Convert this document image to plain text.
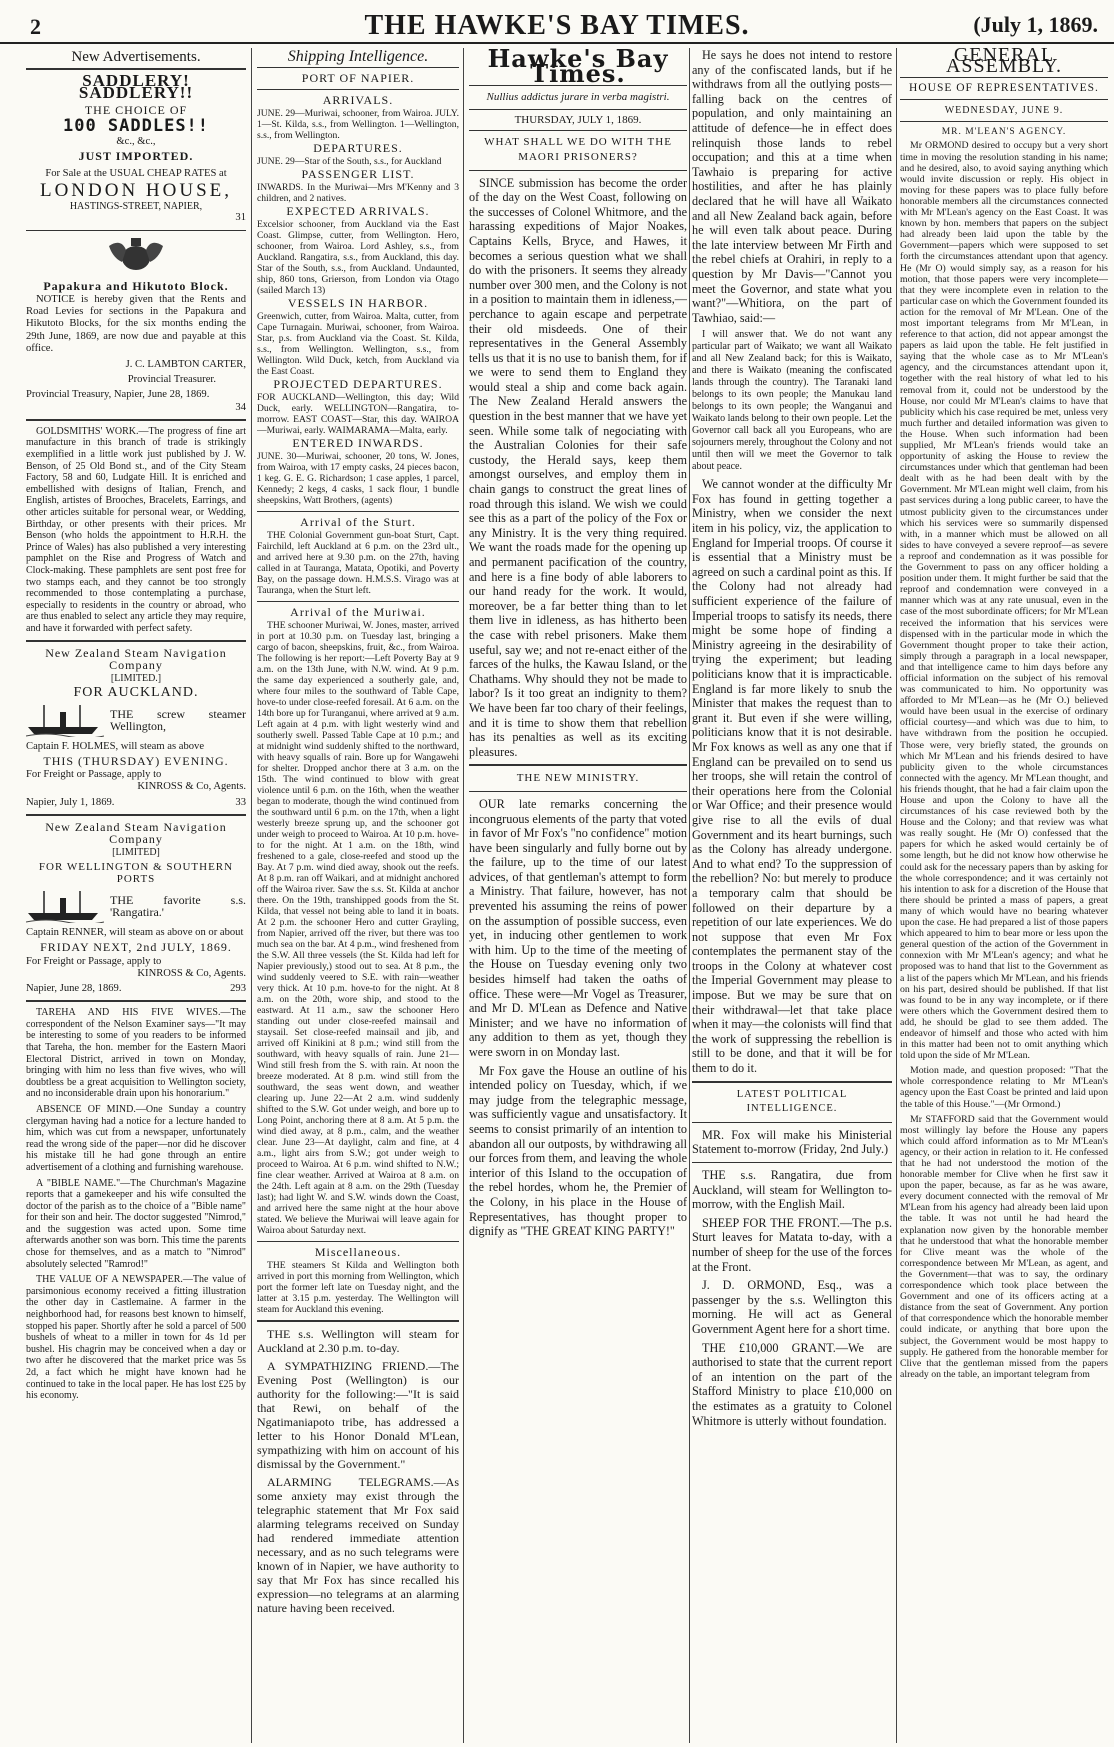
2	THE HAWKE'S BAY TIMES.	(July 1, 1869.
New Advertisements.
SADDLERY! SADDLERY!!
THE CHOICE OF
100 SADDLES!!
&c., &c.,
JUST IMPORTED.
For Sale at the USUAL CHEAP RATES at
LONDON HOUSE,
HASTINGS-STREET, NAPIER,
31
Papakura and Hikutoto Block.

NOTICE is hereby given that the Rents and Road Levies for sections in the Papakura and Hikutoto Blocks, for the six months ending the 29th June, 1869, are now due and payable at this office.

J. C. LAMBTON CARTER,
Provincial Treasurer.
Provincial Treasury, Napier, June 28, 1869.
34

GOLDSMITHS' WORK.—The progress of fine art manufacture in this branch of trade is strikingly exemplified in a little work just published by J. W. Benson, of 25 Old Bond st., and of the City Steam Factory, 58 and 60, Ludgate Hill. It is enriched and embellished with designs of Italian, French, and English, artistes of Brooches, Bracelets, Earrings, and other articles suitable for personal wear, or Wedding, Birthday, or other presents with their prices. Mr Benson (who holds the appointment to H.R.H. the Prince of Wales) has also published a very interesting pamphlet on the Rise and Progress of Watch and Clock-making. These pamphlets are sent post free for two stamps each, and they cannot be too strongly recommended to those contemplating a purchase, especially to residents in the country or abroad, who are thus enabled to select any article they may require, and have it forwarded with perfect safety.

New Zealand Steam Navigation Company
[LIMITED.]
FOR AUCKLAND.
THE screw steamer Wellington,
Captain F. HOLMES, will steam as above
THIS (THURSDAY) EVENING.
For Freight or Passage, apply to
KINROSS & Co, Agents.
Napier, July 1, 1869.	33
New Zealand Steam Navigation Company
[LIMITED]
FOR WELLINGTON & SOUTHERN PORTS
THE favorite s.s. 'Rangatira.'
Captain RENNER, will steam as above on or about
FRIDAY NEXT, 2nd JULY, 1869.
For Freight or Passage, apply to
KINROSS & Co, Agents.
Napier, June 28, 1869.	293

TAREHA AND HIS FIVE WIVES.—The correspondent of the Nelson Examiner says—"It may be interesting to some of you readers to be informed that Tareha, the hon. member for the Eastern Maori Electoral District, arrived in town on Monday, bringing with him no less than five wives, who will doubtless be a great acquisition to Wellington society, and no inconsiderable drain upon his honorarium."

ABSENCE OF MIND.—One Sunday a country clergyman having had a notice for a lecture handed to him, which was cut from a newspaper, unfortunately read the wrong side of the paper—nor did he discover his mistake till he had gone through an entire advertisement of a clothing and furnishing warehouse.

A "BIBLE NAME."—The Churchman's Magazine reports that a gamekeeper and his wife consulted the doctor of the parish as to the choice of a "Bible name" for their son and heir. The doctor suggested "Nimrod," and the suggestion was acted upon. Some time afterwards another son was born. This time the parents chose for themselves, and as a match to "Nimrod" absolutely selected "Ramrod!"

THE VALUE OF A NEWSPAPER.—The value of parsimonious economy received a fitting illustration the other day in Castlemaine. A farmer in the neighborhood had, for reasons best known to himself, stopped his paper. Shortly after he sold a parcel of 500 bushels of wheat to a miller in town for 4s 1d per bushel. His chagrin may be conceived when a day or two after he discovered that the market price was 5s 2d, a fact which he might have known had he continued to take in the local paper. He has lost £25 by his economy.

Shipping Intelligence.
PORT OF NAPIER.
ARRIVALS.
JUNE. 29—Muriwai, schooner, from Wairoa. JULY. 1—St. Kilda, s.s., from Wellington. 1—Wellington, s.s., from Wellington.
DEPARTURES.
JUNE. 29—Star of the South, s.s., for Auckland
PASSENGER LIST.
INWARDS. In the Muriwai—Mrs M'Kenny and 3 children, and 2 natives.
EXPECTED ARRIVALS.
Excelsior schooner, from Auckland via the East Coast. Glimpse, cutter, from Wellington. Hero, schooner, from Wairoa. Lord Ashley, s.s., from Auckland. Rangatira, s.s., from Auckland, this day. Star of the South, s.s., from Auckland. Undaunted, ship, 860 tons, Grierson, from London via Otago (sailed March 13)
VESSELS IN HARBOR.
Greenwich, cutter, from Wairoa. Malta, cutter, from Cape Turnagain. Muriwai, schooner, from Wairoa. Star, p.s. from Auckland via the Coast. St. Kilda, s.s., from Wellington. Wellington, s.s., from Wellington. Wild Duck, ketch, from Auckland via the East Coast.
PROJECTED DEPARTURES.
FOR AUCKLAND—Wellington, this day; Wild Duck, early. WELLINGTON—Rangatira, to-morrow. EAST COAST—Star, this day. WAIROA—Muriwai, early. WAIMARAMA—Malta, early.
ENTERED INWARDS.
JUNE. 30—Muriwai, schooner, 20 tons, W. Jones, from Wairoa, with 17 empty casks, 24 pieces bacon, 1 keg. G. E. G. Richardson; 1 case apples, 1 parcel, Kennedy; 2 kegs, 4 casks, 1 sack flour, 1 bundle sheepskins, Watt Brothers, (agents)
Arrival of the Sturt.

THE Colonial Government gun-boat Sturt, Capt. Fairchild, left Auckland at 6 p.m. on the 23rd ult., and arrived here at 9.30 p.m. on the 27th, having called in at Tauranga, Matata, Opotiki, and Poverty Bay, on the passage down. H.M.S.S. Virago was at Tauranga, when the Sturt left.

Arrival of the Muriwai.

THE schooner Muriwai, W. Jones, master, arrived in port at 10.30 p.m. on Tuesday last, bringing a cargo of bacon, sheepskins, fruit, &c., from Wairoa. The following is her report:—Left Poverty Bay at 9 a.m. on the 13th June, with N.W. wind. At 9 p.m. the same day experienced a southerly gale, and, where four miles to the southward of Table Cape, hove-to under close-reefed foresail. At 6 a.m. on the 14th bore up for Turanganui, where arrived at 9 a.m. Left again at 4 p.m. with light westerly wind and southerly swell. Passed Table Cape at 10 p.m.; and at midnight wind suddenly shifted to the northward, with heavy squalls of rain. Bore up for Wangawehi for shelter. Dropped anchor there at 3 a.m. on the 15th. The wind continued to blow with great violence until 6 p.m. on the 16th, when the weather began to moderate, though the wind continued from the southward until 6 p.m. on the 17th, when a light westerly breeze sprung up, and the schooner got under weigh to proceed to Wairoa. At 10 p.m. hove-to for the night. At 1 a.m. on the 18th, wind freshened to a gale, close-reefed and stood up the Bay. At 7 p.m. wind died away, shook out the reefs. At 8 p.m. ran off Waikari, and at midnight anchored off the Wairoa river. Saw the s.s. St. Kilda at anchor there. On the 19th, transhipped goods from the St. Kilda, that vessel not being able to land it in boats. At 2 p.m. the schooner Hero and cutter Grayling, from Napier, arrived off the river, but there was too much sea on the bar. At 4 p.m., wind freshened from the S.W. All three vessels (the St. Kilda had left for Napier previously,) stood out to sea. At 8 p.m., the wind suddenly veered to S.E. with rain—weather very thick. At 10 p.m. hove-to for the night. At 8 a.m. on the 20th, wore ship, and stood to the eastward. At 11 a.m., saw the schooner Hero standing out under close-reefed mainsail and staysail. Set close-reefed mainsail and jib, and arrived off Kinikini at 8 p.m.; wind still from the southward, with heavy squalls of rain. June 21—Wind still fresh from the S. with rain. At noon the breeze moderated. At 8 p.m. wind still from the southward, the seas went down, and weather clearing up. June 22—At 2 a.m. wind suddenly shifted to the S.W. Got under weigh, and bore up to Long Point, anchoring there at 8 a.m. At 5 p.m. the wind died away, at 8 p.m., calm, and the weather clear. June 23—At daylight, calm and fine, at 4 a.m., light airs from S.W.; got under weigh to proceed to Wairoa. At 6 p.m. wind shifted to N.W.; fine clear weather. Arrived at Wairoa at 8 a.m. on the 24th. Left again at 8 a.m. on the 29th (Tuesday last); had light W. and S.W. winds down the Coast, and arrived here the same night at the hour above stated. We believe the Muriwai will leave again for Wairoa about Saturday next.

Miscellaneous.

THE steamers St Kilda and Wellington both arrived in port this morning from Wellington, which port the former left late on Tuesday night, and the latter at 3.15 p.m. yesterday. The Wellington will steam for Auckland this evening.

THE s.s. Wellington will steam for Auckland at 2.30 p.m. to-day.

A SYMPATHIZING FRIEND.—The Evening Post (Wellington) is our authority for the following:—"It is said that Rewi, on behalf of the Ngatimaniapoto tribe, has addressed a letter to his Honor Donald M'Lean, sympathizing with him on account of his dismissal by the Government."

ALARMING TELEGRAMS.—As some anxiety may exist through the telegraphic statement that Mr Fox said alarming telegrams received on Sunday had rendered immediate attention necessary, and as no such telegrams were known of in Napier, we have authority to say that Mr Fox has since recalled his expression—no telegrams at an alarming nature having been received.

Hawke's Bay Times.
Nullius addictus jurare in verba magistri.
THURSDAY, JULY 1, 1869.
WHAT SHALL WE DO WITH THE MAORI PRISONERS?

SINCE submission has become the order of the day on the West Coast, following on the successes of Colonel Whitmore, and the harassing expeditions of Major Noakes, Captains Kells, Bryce, and Hawes, it becomes a serious question what we shall do with the prisoners. It seems they already number over 300 men, and the Colony is not in a position to maintain them in idleness,—perchance to again escape and perpetrate their old misdeeds. One of their representatives in the General Assembly tells us that it is no use to banish them, for if we were to send them to England they would steal a ship and come back again. The New Zealand Herald answers the question in the best manner that we have yet seen. While some talk of negociating with the Australian Colonies for their safe custody, the Herald says, keep them amongst ourselves, and employ them in chain gangs to construct the great lines of road through this island. We wish we could see this as a part of the policy of the Fox or any Ministry. It is the very thing required. We want the roads made for the opening up and permanent pacification of the country, and here is a fine body of able laborers to our hand ready for the work. It would, moreover, be a far better thing than to let them live in idleness, as has hitherto been the case with rebel prisoners. Make them useful, say we; and not re-enact either of the farces of the hulks, the Kawau Island, or the Chathams. Why should they not be made to labor? Is it too great an indignity to them? We have been far too chary of their feelings, and it is time to show them that rebellion has its penalties as well as its exciting pleasures.

THE NEW MINISTRY.

OUR late remarks concerning the incongruous elements of the party that voted in favor of Mr Fox's "no confidence" motion have been singularly and fully borne out by the failure, up to the time of our latest advices, of that gentleman's attempt to form a Ministry. That failure, however, has not prevented his assuming the reins of power on the assumption of possible success, even yet, in inducing other gentlemen to work with him. Up to the time of the meeting of the House on Tuesday evening only two besides himself had taken the oaths of office. These were—Mr Vogel as Treasurer, and Mr D. M'Lean as Defence and Native Minister; and we have no information of any addition to them as yet, though they were sworn in on Monday last.

Mr Fox gave the House an outline of his intended policy on Tuesday, which, if we may judge from the telegraphic message, was sufficiently vague and unsatisfactory. It seems to consist primarily of an intention to abandon all our outposts, by withdrawing all our forces from them, and leaving the whole interior of this Island to the occupation of the rebel hordes, whom he, the Premier of the Colony, in his place in the House of Representatives, has thought proper to dignify as "THE GREAT KING PARTY!"

He says he does not intend to restore any of the confiscated lands, but if he withdraws from all the outlying posts—falling back on the centres of population, and only maintaining an attitude of defence—he in effect does relinquish those lands to rebel occupation; and this at a time when Tawhaio is preparing for active hostilities, and after he has plainly declared that he will have all Waikato and all New Zealand back again, before he will even talk about peace. During the late interview between Mr Firth and the rebel chiefs at Orahiri, in reply to a question by Mr Davis—"Cannot you meet the Governor, and state what you want?"—Whitiora, on the part of Tawhiao, said:—

I will answer that. We do not want any particular part of Waikato; we want all Waikato and all New Zealand back; for this is Waikato, and there is Waikato (meaning the confiscated lands through the country). The Taranaki land belongs to its own people; the Manukau land belongs to its own people; the Wanganui and Waikato lands belong to their own people. Let the Governor call back all you Europeans, who are sojourners merely, throughout the Colony and not until then will we meet the Governor to talk about peace.

We cannot wonder at the difficulty Mr Fox has found in getting together a Ministry, when we consider the next item in his policy, viz, the application to England for Imperial troops. Of course it is essential that a Ministry must be agreed on such a cardinal point as this. If the Colony had not already had sufficient experience of the failure of Imperial troops to satisfy its needs, there might be some hope of finding a Ministry agreeing in the desirability of trying the experiment; but leading politicians know that it is impracticable. England is far more likely to snub the Minister that makes the request than to grant it. But even if she were willing, politicians know that it is not desirable. Mr Fox knows as well as any one that if England can be prevailed on to send us her troops, she will retain the control of their operations here from the Colonial or War Office; and their presence would give rise to all the evils of dual Government and its heart burnings, such as the Colony has already undergone. And to what end? To the suppression of the rebellion? No: but merely to produce a temporary calm that should be followed on their departure by a repetition of our late experiences. We do not suppose that even Mr Fox contemplates the permanent stay of the troops in the Colony at whatever cost the Imperial Government may please to impose. But we may be sure that on their withdrawal—let that take place when it may—the colonists will find that the work of suppressing the rebellion is still to be done, and that it will be for them to do it.

LATEST POLITICAL INTELLIGENCE.

MR. Fox will make his Ministerial Statement to-morrow (Friday, 2nd July.)

THE s.s. Rangatira, due from Auckland, will steam for Wellington to-morrow, with the English Mail.

SHEEP FOR THE FRONT.—The p.s. Sturt leaves for Matata to-day, with a number of sheep for the use of the forces at the Front.

J. D. ORMOND, Esq., was a passenger by the s.s. Wellington this morning. He will act as General Government Agent here for a short time.

THE £10,000 GRANT.—We are authorised to state that the current report of an intention on the part of the Stafford Ministry to place £10,000 on the estimates as a gratuity to Colonel Whitmore is utterly without foundation.

GENERAL ASSEMBLY.
HOUSE OF REPRESENTATIVES.
WEDNESDAY, JUNE 9.
MR. M'LEAN'S AGENCY.

Mr ORMOND desired to occupy but a very short time in moving the resolution standing in his name; and he desired, also, to avoid saying anything which would invite discussion or reply. His object in moving for these papers was to place fully before honorable members all the circumstances connected with Mr M'Lean's agency on the East Coast. It was known by hon. members that papers on the subject had already been laid upon the table by the Government—papers which were supposed to set forth the circumstances attendant upon that agency. He (Mr O) would simply say, as a reason for his motion, that those papers were very incomplete—that they were incomplete even in relation to the particular case on which the Government founded its action for the removal of Mr M'Lean. One of the most important telegrams from Mr M'Lean, in reference to that action, did not appear amongst the papers as laid upon the table. He felt justified in saying that the whole case as to Mr M'Lean's agency, and the circumstances attendant upon it, together with the real history of what led to his removal from it, could not be understood by the House, nor could Mr M'Lean's claims to have that publicity which his case required be met, unless very much further and detailed information was given to the House. When such information had been supplied, Mr M'Lean's friends would take an opportunity of asking the House to review the circumstances under which that gentleman had been dealt with as he had been dealt with by the Government. Mr M'Lean might well claim, from his past services during a long public career, to have the utmost publicity given to the circumstances under which his services were so summarily dispensed with, in a manner which must be allowed on all sides to have conveyed a severe reproof—as severe a reproof and condemnation as it was possible for the Government to pass on any officer holding a position under them. It might further be said that the reproof and condemnation were conveyed in a manner which was at any rate unusual, even in the case of the most subordinate officers; for Mr M'Lean received the information that his services were dispensed with in the particular mode in which the Government thought proper to take their action, simply through a paragraph in a local newspaper, and that intelligence came to him days before any official information on the subject of his removal was communicated to him. No opportunity was afforded to Mr M'Lean—as he (Mr O.) believed would have been usual in the exercise of ordinary official courtesy—and which was due to him, to have withdrawn from the position he occupied. Those were, very briefly stated, the grounds on which Mr M'Lean and his friends desired to have publicity given to the whole circumstances connected with the agency. Mr M'Lean thought, and his friends thought, that he had a fair claim upon the House and upon the Colony to have all the circumstances of his case reviewed both by the House and the Colony; and that review was what was really sought. He (Mr O) confessed that the papers for which he asked would certainly be of some length, but he did not know how otherwise he could ask for the necessary papers than by asking for the whole correspondence; and it was certainly not his intention to ask for a discretion of the House that there should be printed a mass of papers, a great many of which would have no bearing whatever upon the case. He had prepared a list of those papers which appeared to him to bear more or less upon the general question of the action of the Government in connexion with Mr M'Lean's agency; and what he proposed was to hand that list to the Government as a list of the papers which Mr M'Lean, and his friends on his part, desired should be published. If that list was found to be in any way incomplete, or if there were others which the Government desired them to add, he should be glad to see them added. The endeavor of himself and those who acted with him in this matter had been not to omit anything which told upon the side of Mr M'Lean.

Motion made, and question proposed: "That the whole correspondence relating to Mr M'Lean's agency upon the East Coast be printed and laid upon the table of this House."—(Mr Ormond.)

Mr STAFFORD said that the Government would most willingly lay before the House any papers which could afford information as to Mr M'Lean's agency, or their action in relation to it. He confessed that he had not understood the motion of the honorable member for Clive when he first saw it upon the paper, because, as far as he was aware, every document connected with the removal of Mr M'Lean from his agency had already been laid upon the table. It was not until he had heard the explanation now given by the honorable member that he understood that what the honorable member for Clive meant was the whole of the correspondence between Mr M'Lean, as agent, and the Government—that was to say, the ordinary correspondence which took place between the Government and one of its officers acting at a distance from the seat of Government. Any portion of that correspondence which the honorable member could indicate, or anything that bore upon the subject, the Government would be most happy to supply. He gathered from the honorable member for Clive that the gentleman missed from the papers already on the table, an important telegram from
